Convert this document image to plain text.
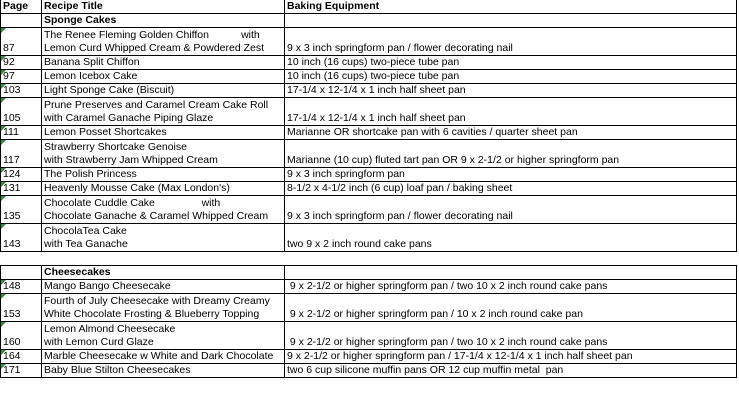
Page	Recipe Title	Baking Equipment
	Sponge Cakes	
87	The Renee Fleming Golden Chiffon           with
Lemon Curd Whipped Cream & Powdered Zest	9 x 3 inch springform pan / flower decorating nail
92	Banana Split Chiffon	10 inch (16 cups) two-piece tube pan
97	Lemon Icebox Cake	10 inch (16 cups) two-piece tube pan
103	Light Sponge Cake (Biscuit)	17-1/4 x 12-1/4 x 1 inch half sheet pan
105	Prune Preserves and Caramel Cream Cake Roll
with Caramel Ganache Piping Glaze	17-1/4 x 12-1/4 x 1 inch half sheet pan
111	Lemon Posset Shortcakes	Marianne OR shortcake pan with 6 cavities / quarter sheet pan
117	Strawberry Shortcake Genoise
with Strawberry Jam Whipped Cream	Marianne (10 cup) fluted tart pan OR 9 x 2-1/2 or higher springform pan
124	The Polish Princess	9 x 3 inch springform pan
131	Heavenly Mousse Cake (Max London's)	8-1/2 x 4-1/2 inch (6 cup) loaf pan / baking sheet
135	Chocolate Cuddle Cake                with
Chocolate Ganache & Caramel Whipped Cream	9 x 3 inch springform pan / flower decorating nail
143	ChocolaTea Cake
with Tea Ganache	two 9 x 2 inch round cake pans

	Cheesecakes	
148	Mango Bango Cheesecake	9 x 2-1/2 or higher springform pan / two 10 x 2 inch round cake pans
153	Fourth of July Cheesecake with Dreamy Creamy
White Chocolate Frosting & Blueberry Topping	9 x 2-1/2 or higher springform pan / 10 x 2 inch round cake pan
160	Lemon Almond Cheesecake
with Lemon Curd Glaze	9 x 2-1/2 or higher springform pan / two 10 x 2 inch round cake pans
164	Marble Cheesecake w White and Dark Chocolate	9 x 2-1/2 or higher springform pan / 17-1/4 x 12-1/4 x 1 inch half sheet pan
171	Baby Blue Stilton Cheesecakes	two 6 cup silicone muffin pans OR 12 cup muffin metal  pan
